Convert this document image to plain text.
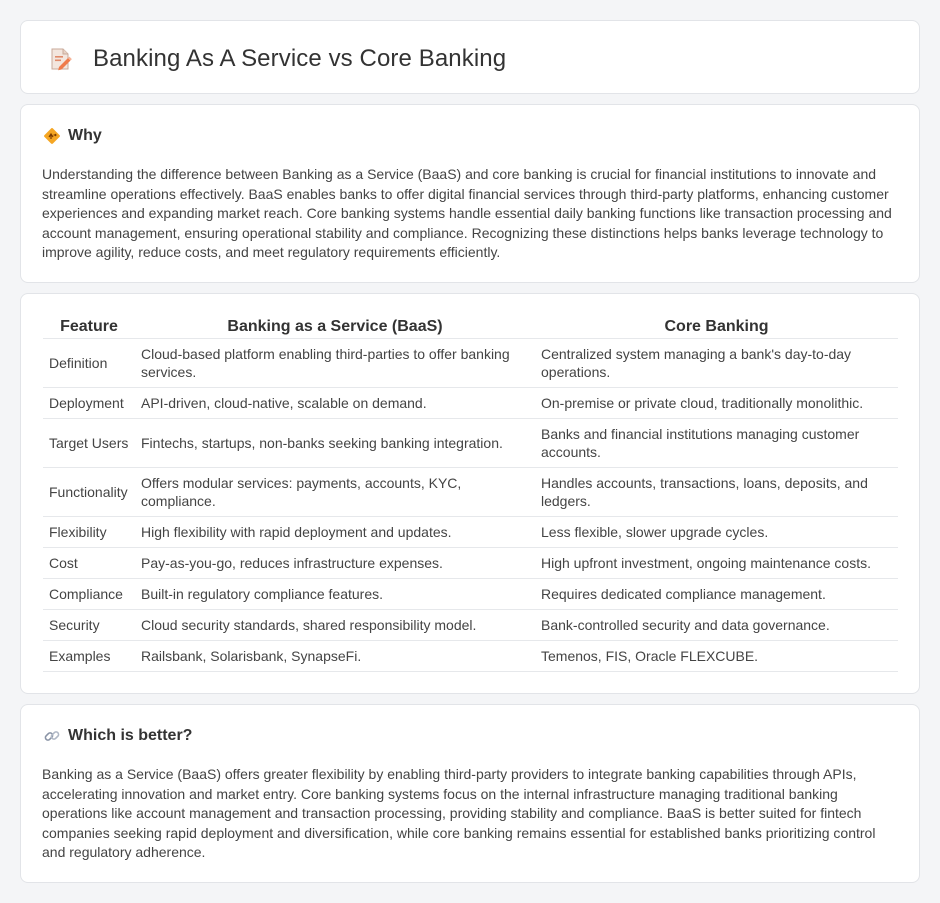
Banking As A Service vs Core Banking
Why

Understanding the difference between Banking as a Service (BaaS) and core banking is crucial for financial institutions to innovate and streamline operations effectively. BaaS enables banks to offer digital financial services through third-party platforms, enhancing customer experiences and expanding market reach. Core banking systems handle essential daily banking functions like transaction processing and account management, ensuring operational stability and compliance. Recognizing these distinctions helps banks leverage technology to improve agility, reduce costs, and meet regulatory requirements efficiently.

Feature	Banking as a Service (BaaS)	Core Banking
Definition	Cloud-based platform enabling third-parties to offer banking services.	Centralized system managing a bank's day-to-day operations.
Deployment	API-driven, cloud-native, scalable on demand.	On-premise or private cloud, traditionally monolithic.
Target Users	Fintechs, startups, non-banks seeking banking integration.	Banks and financial institutions managing customer accounts.
Functionality	Offers modular services: payments, accounts, KYC, compliance.	Handles accounts, transactions, loans, deposits, and ledgers.
Flexibility	High flexibility with rapid deployment and updates.	Less flexible, slower upgrade cycles.
Cost	Pay-as-you-go, reduces infrastructure expenses.	High upfront investment, ongoing maintenance costs.
Compliance	Built-in regulatory compliance features.	Requires dedicated compliance management.
Security	Cloud security standards, shared responsibility model.	Bank-controlled security and data governance.
Examples	Railsbank, Solarisbank, SynapseFi.	Temenos, FIS, Oracle FLEXCUBE.
Which is better?

Banking as a Service (BaaS) offers greater flexibility by enabling third-party providers to integrate banking capabilities through APIs, accelerating innovation and market entry. Core banking systems focus on the internal infrastructure managing traditional banking operations like account management and transaction processing, providing stability and compliance. BaaS is better suited for fintech companies seeking rapid deployment and diversification, while core banking remains essential for established banks prioritizing control and regulatory adherence.
